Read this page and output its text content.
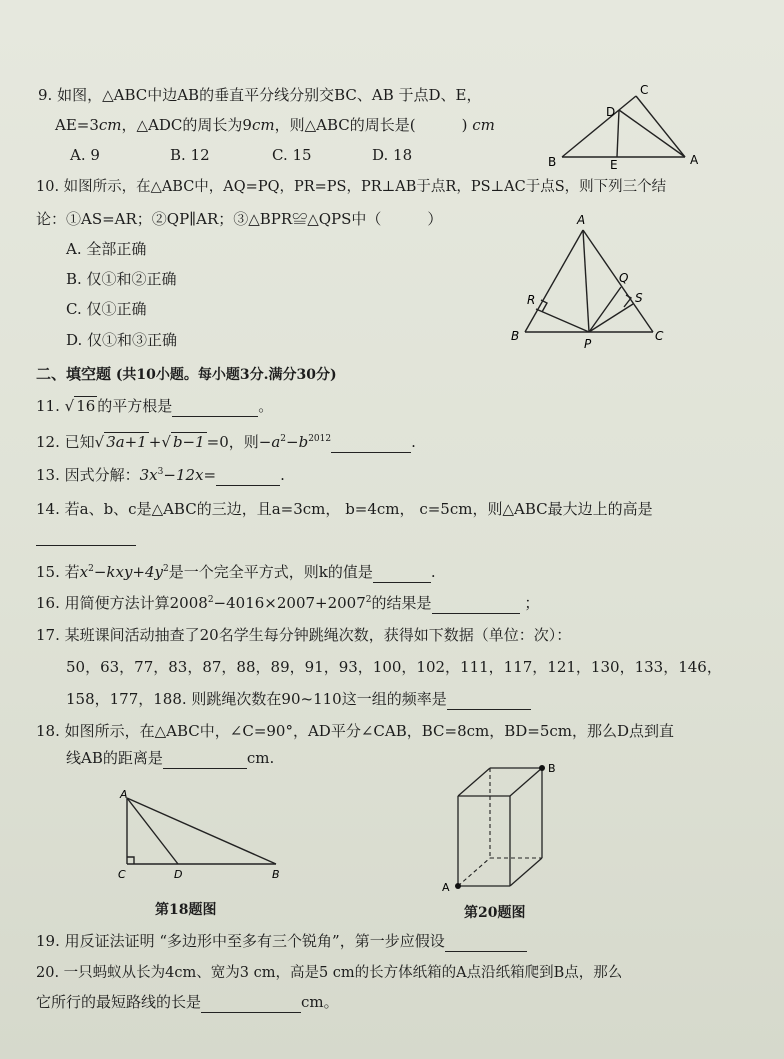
9. 如图，△ABC中边AB的垂直平分线分别交BC、AB 于点D、E，
AE=3cm，△ADC的周长为9cm，则△ABC的周长是(	) cm
A. 9	B. 12	C. 15	D. 18
C
D
B	E	A
10. 如图所示，在△ABC中，AQ=PQ，PR=PS，PR⊥AB于点R，PS⊥AC于点S，则下列三个结
论：①AS=AR；②QP∥AR；③△BPR≌△QPS中（	）
A. 全部正确
B. 仅①和②正确
C. 仅①正确
D. 仅①和③正确
A
Q
R	S
B
P
C
二、填空题 (共10小题。每小题3分.满分30分)
11. √ 16 的平方根是	。
12. 已知√ 3a+1 +√ b−1 =0，则$-a^2-b^{2012}$	.
13. 因式分解：$3x^3-12x=$	.
14. 若a、b、c是△ABC的三边，且a=3cm， b=4cm， c=5cm，则△ABC最大边上的高是
15. 若$x^2-kxy+4y^2$是一个完全平方式，则k的值是	.
16. 用简便方法计算$2008^2-4016\times 2007+2007^2$的结果是	；
17. 某班课间活动抽查了20名学生每分钟跳绳次数，获得如下数据（单位：次）：
50，63，77，83，87，88，89，91，93，100，102，111，117，121，130，133，146，
158，177，188. 则跳绳次数在90~110这一组的频率是
18. 如图所示，在△ABC中，∠C=90°，AD平分∠CAB，BC=8cm，BD=5cm，那么D点到直
线AB的距离是	cm.
A
C	D	B
第18题图
A
B
第20题图
19. 用反证法证明 “多边形中至多有三个锐角”，第一步应假设
20. 一只蚂蚁从长为4cm、宽为3 cm，高是5 cm的长方体纸箱的A点沿纸箱爬到B点，那么
它所行的最短路线的长是	cm。
